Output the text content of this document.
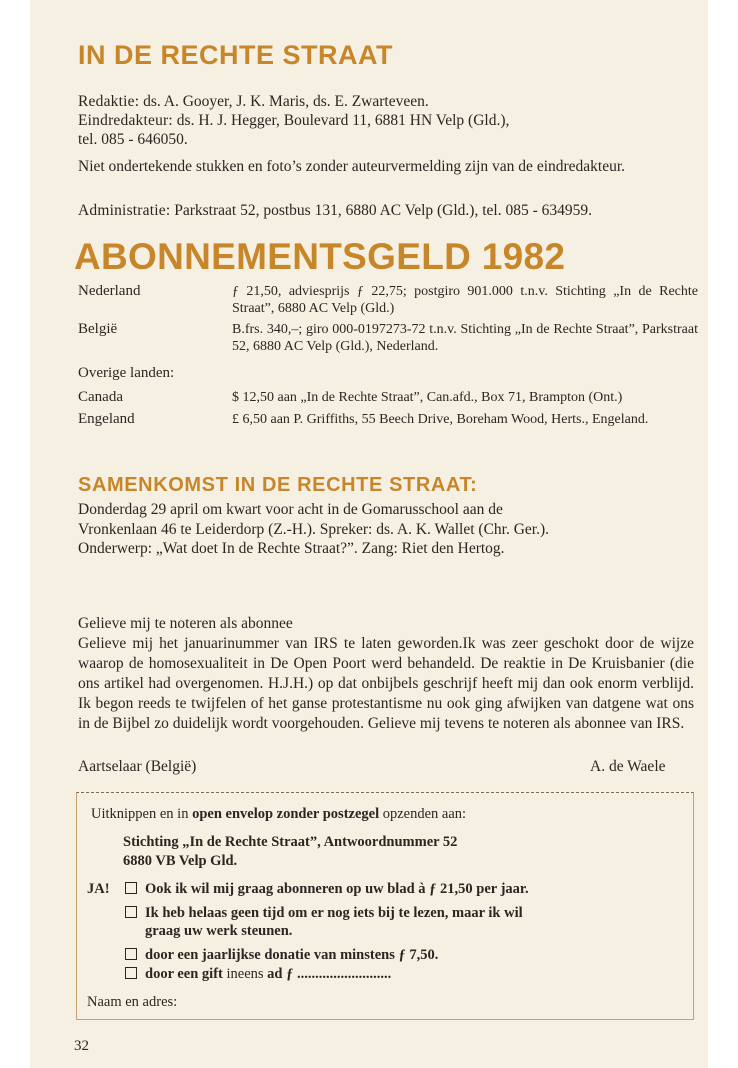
IN DE RECHTE STRAAT

Redaktie: ds. A. Gooyer, J. K. Maris, ds. E. Zwarteveen.

Eindredakteur: ds. H. J. Hegger, Boulevard 11, 6881 HN Velp (Gld.),

tel. 085 - 646050.

Niet ondertekende stukken en foto’s zonder auteurvermelding zijn van de eindredakteur.

Administratie: Parkstraat 52, postbus 131, 6880 AC Velp (Gld.), tel. 085 - 634959.

ABONNEMENTSGELD 1982
Nederland	ƒ 21,50, adviesprijs ƒ 22,75; postgiro 901.000 t.n.v. Stichting „In de Rechte Straat”, 6880 AC Velp (Gld.)
België	B.frs. 340,–; giro 000-0197273-72 t.n.v. Stichting „In de Rechte Straat”, Parkstraat 52, 6880 AC Velp (Gld.), Nederland.
Overige landen:
Canada	$ 12,50 aan „In de Rechte Straat”, Can.afd., Box 71, Brampton (Ont.)
Engeland	£ 6,50 aan P. Griffiths, 55 Beech Drive, Boreham Wood, Herts., Engeland.
SAMENKOMST IN DE RECHTE STRAAT:
Donderdag 29 april om kwart voor acht in de Gomarusschool aan de Vronkenlaan 46 te Leiderdorp (Z.-H.). Spreker: ds. A. K. Wallet (Chr. Ger.). Onderwerp: „Wat doet In de Rechte Straat?”. Zang: Riet den Hertog.
Gelieve mij te noteren als abonnee
Gelieve mij het januarinummer van IRS te laten geworden.Ik was zeer geschokt door de wijze waarop de homosexualiteit in De Open Poort werd behandeld. De reaktie in De Kruisbanier (die ons artikel had overgenomen. H.J.H.) op dat onbijbels geschrijf heeft mij dan ook enorm verblijd. Ik begon reeds te twijfelen of het ganse protestantisme nu ook ging afwijken van datgene wat ons in de Bijbel zo duidelijk wordt voorgehouden. Gelieve mij tevens te noteren als abonnee van IRS.
Aartselaar (België)	A. de Waele
Uitknippen en in open envelop zonder postzegel opzenden aan:
Stichting „In de Rechte Straat”, Antwoordnummer 52
6880 VB Velp Gld.
JA!	Ook ik wil mij graag abonneren op uw blad à ƒ 21,50 per jaar.
Ik heb helaas geen tijd om er nog iets bij te lezen, maar ik wil
graag uw werk steunen.
door een jaarlijkse donatie van minstens ƒ 7,50.
door een gift ineens ad ƒ ..........................
Naam en adres:
32
